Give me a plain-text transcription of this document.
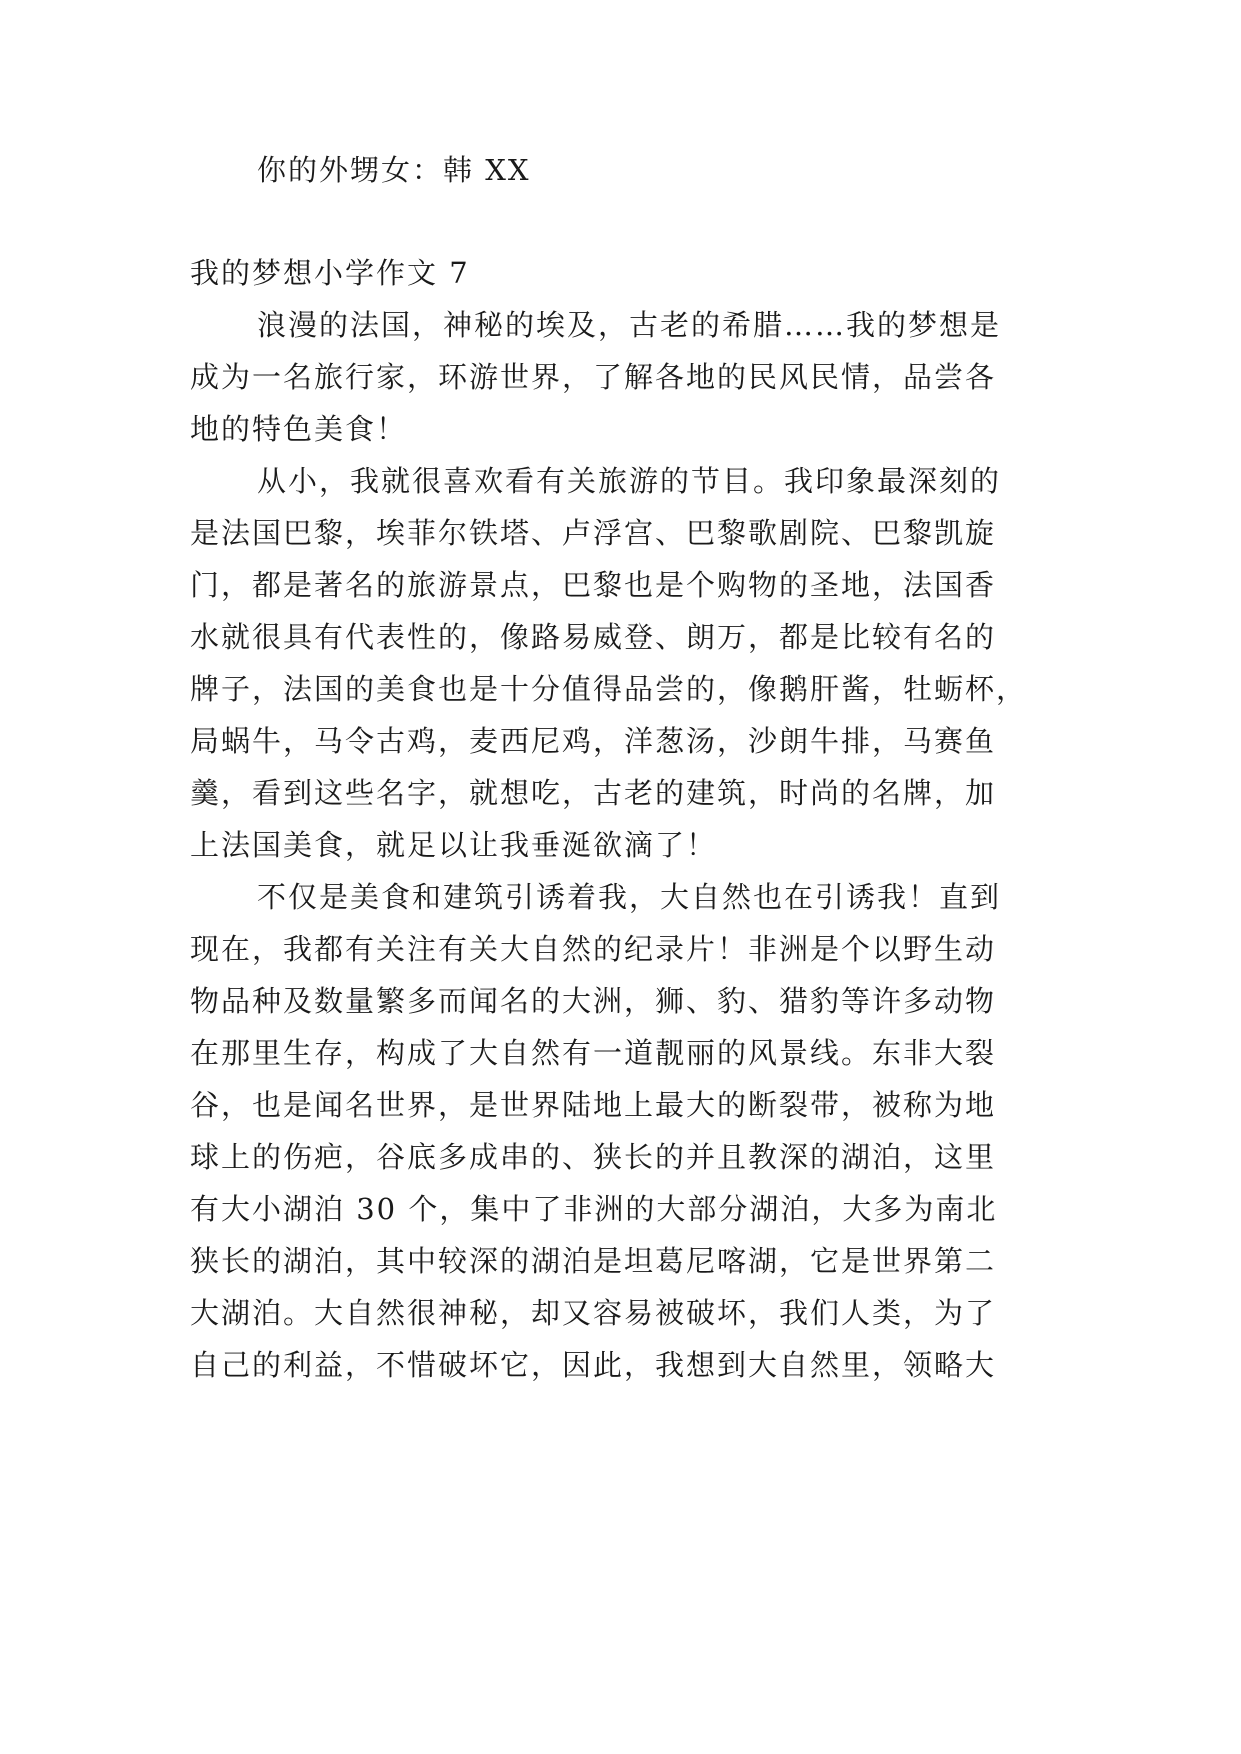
你的外甥女：韩 XX
我的梦想小学作文 7
浪漫的法国，神秘的埃及，古老的希腊……我的梦想是
成为一名旅行家，环游世界，了解各地的民风民情，品尝各
地的特色美食！
从小，我就很喜欢看有关旅游的节目。我印象最深刻的
是法国巴黎，埃菲尔铁塔、卢浮宫、巴黎歌剧院、巴黎凯旋
门，都是著名的旅游景点，巴黎也是个购物的圣地，法国香
水就很具有代表性的，像路易威登、朗万，都是比较有名的
牌子，法国的美食也是十分值得品尝的，像鹅肝酱，牡蛎杯，
局蜗牛，马令古鸡，麦西尼鸡，洋葱汤，沙朗牛排，马赛鱼
羹，看到这些名字，就想吃，古老的建筑，时尚的名牌，加
上法国美食，就足以让我垂涎欲滴了！
不仅是美食和建筑引诱着我，大自然也在引诱我！直到
现在，我都有关注有关大自然的纪录片！非洲是个以野生动
物品种及数量繁多而闻名的大洲，狮、豹、猎豹等许多动物
在那里生存，构成了大自然有一道靓丽的风景线。东非大裂
谷，也是闻名世界，是世界陆地上最大的断裂带，被称为地
球上的伤疤，谷底多成串的、狭长的并且教深的湖泊，这里
有大小湖泊 30 个，集中了非洲的大部分湖泊，大多为南北
狭长的湖泊，其中较深的湖泊是坦葛尼喀湖，它是世界第二
大湖泊。大自然很神秘，却又容易被破坏，我们人类，为了
自己的利益，不惜破坏它，因此，我想到大自然里，领略大
